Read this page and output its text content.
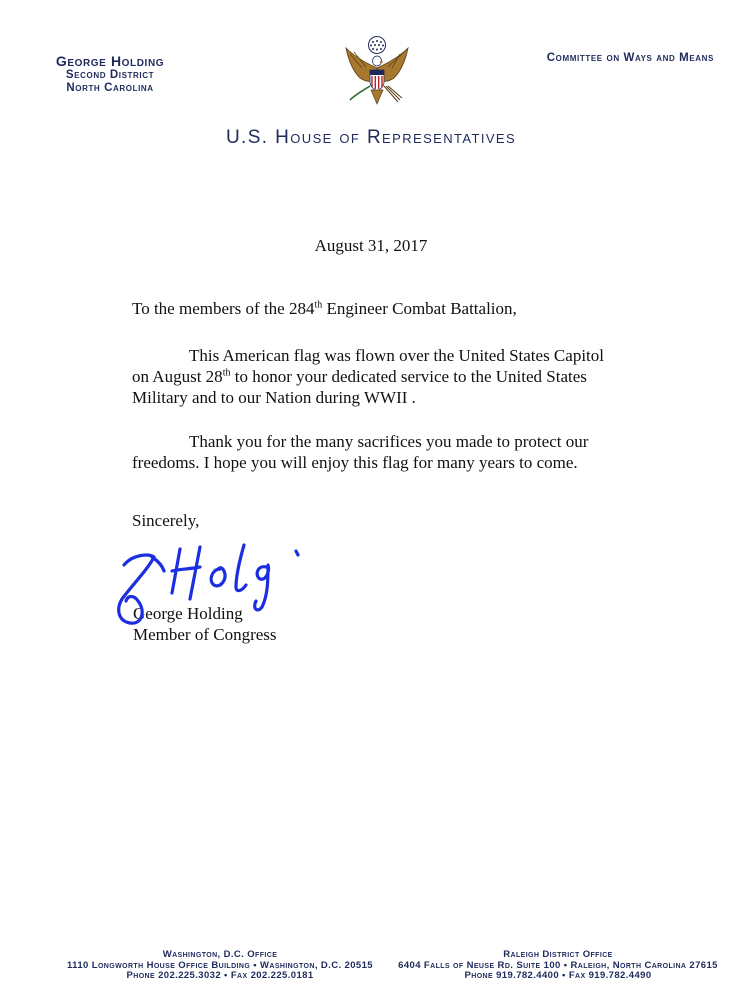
George Holding
Second District
North Carolina
Committee on Ways and Means
U.S. House of Representatives
August 31, 2017
To the members of the 284th Engineer Combat Battalion,

This American flag was flown over the United States Capitol on August 28th to honor your dedicated service to the United States Military and to our Nation during WWII .

Thank you for the many sacrifices you made to protect our freedoms. I hope you will enjoy this flag for many years to come.

Sincerely,
George Holding
Member of Congress
Washington, D.C. Office
1110 Longworth House Office Building • Washington, D.C. 20515
Phone 202.225.3032 • Fax 202.225.0181
Raleigh District Office
6404 Falls of Neuse Rd. Suite 100 • Raleigh, North Carolina 27615
Phone 919.782.4400 • Fax 919.782.4490
